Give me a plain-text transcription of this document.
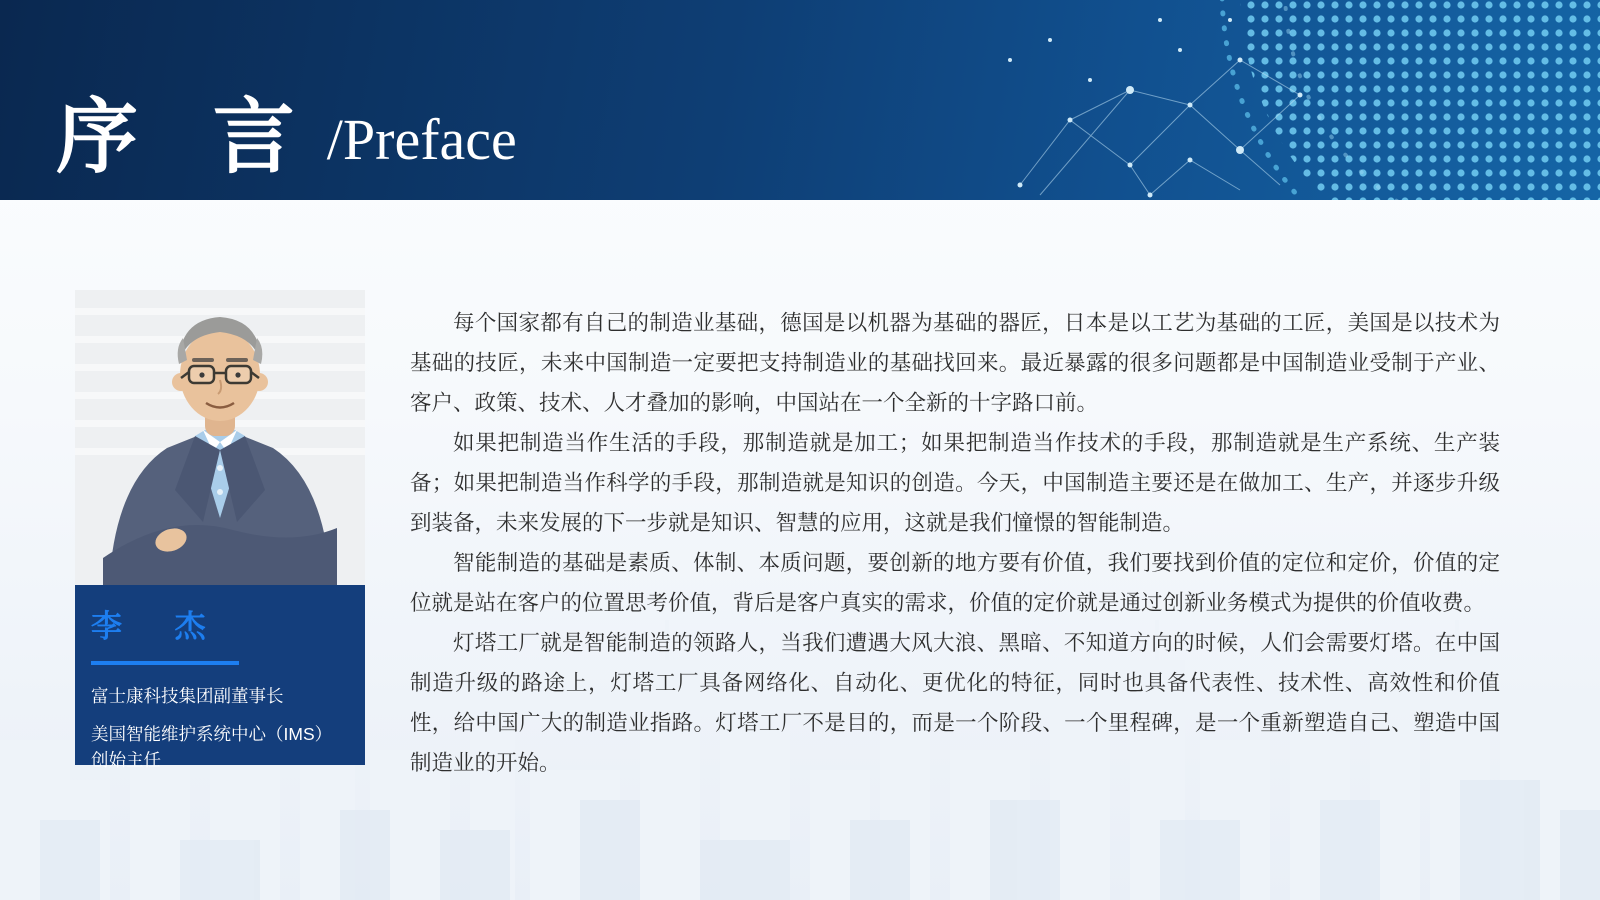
序 言 /Preface
李 杰
富士康科技集团副董事长
美国智能维护系统中心（IMS）创始主任

每个国家都有自己的制造业基础，德国是以机器为基础的器匠，日本是以工艺为基础的工匠，美国是以技术为基础的技匠，未来中国制造一定要把支持制造业的基础找回来。最近暴露的很多问题都是中国制造业受制于产业、客户、政策、技术、人才叠加的影响，中国站在一个全新的十字路口前。

如果把制造当作生活的手段，那制造就是加工；如果把制造当作技术的手段，那制造就是生产系统、生产装备；如果把制造当作科学的手段，那制造就是知识的创造。今天，中国制造主要还是在做加工、生产，并逐步升级到装备，未来发展的下一步就是知识、智慧的应用，这就是我们憧憬的智能制造。

智能制造的基础是素质、体制、本质问题，要创新的地方要有价值，我们要找到价值的定位和定价，价值的定位就是站在客户的位置思考价值，背后是客户真实的需求，价值的定价就是通过创新业务模式为提供的价值收费。

灯塔工厂就是智能制造的领路人，当我们遭遇大风大浪、黑暗、不知道方向的时候，人们会需要灯塔。在中国制造升级的路途上，灯塔工厂具备网络化、自动化、更优化的特征，同时也具备代表性、技术性、高效性和价值性，给中国广大的制造业指路。灯塔工厂不是目的，而是一个阶段、一个里程碑，是一个重新塑造自己、塑造中国制造业的开始。
